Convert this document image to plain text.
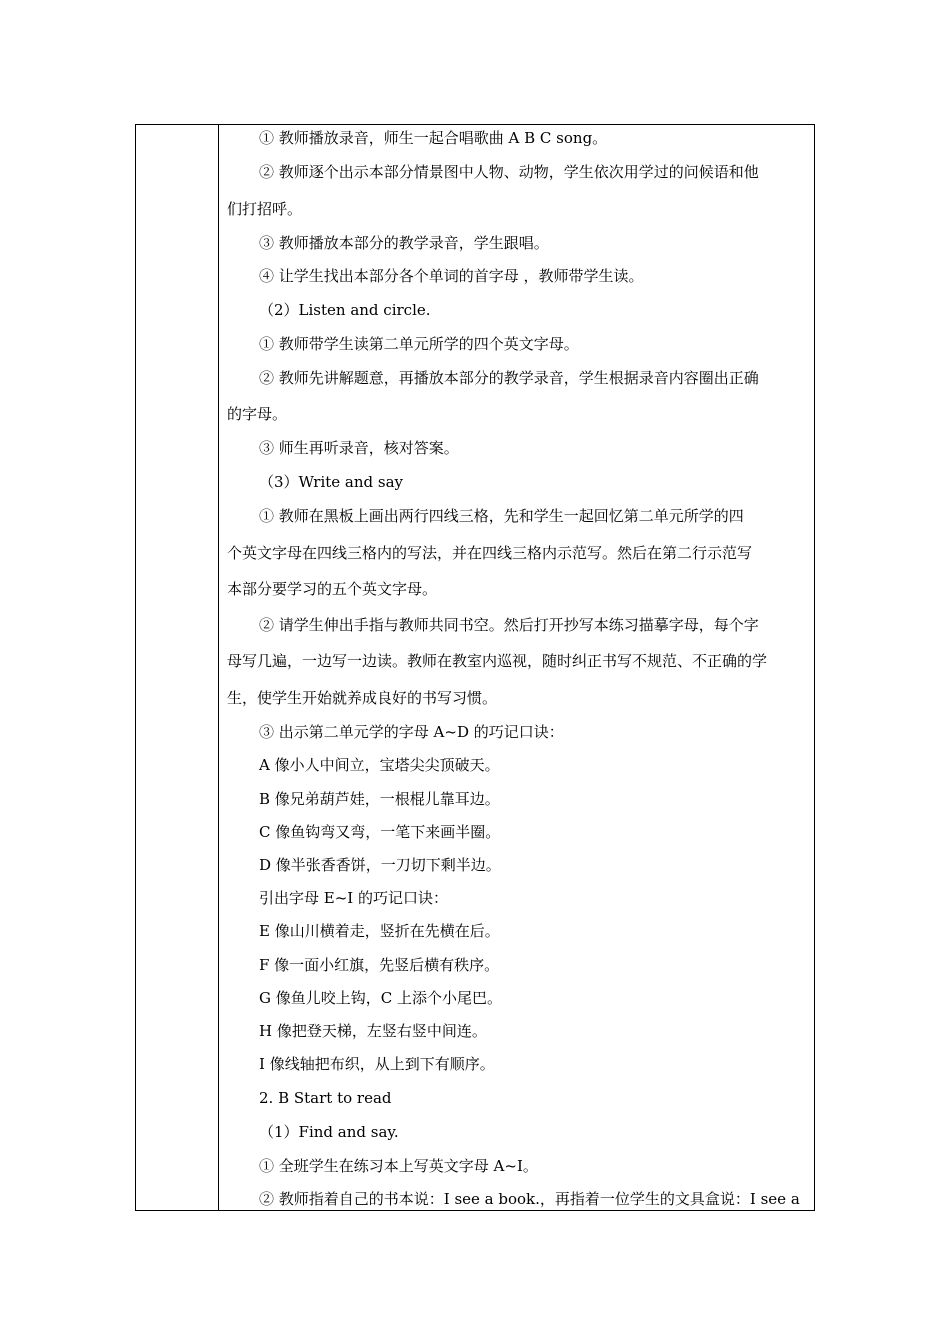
① 教师播放录音，师生一起合唱歌曲 A B C song。
② 教师逐个出示本部分情景图中人物、动物，学生依次用学过的问候语和他
们打招呼。
③ 教师播放本部分的教学录音，学生跟唱。
④ 让学生找出本部分各个单词的首字母 ，教师带学生读。
（2）Listen and circle.
① 教师带学生读第二单元所学的四个英文字母。
② 教师先讲解题意，再播放本部分的教学录音，学生根据录音内容圈出正确
的字母。
③ 师生再听录音，核对答案。
（3）Write and say
① 教师在黑板上画出两行四线三格，先和学生一起回忆第二单元所学的四
个英文字母在四线三格内的写法，并在四线三格内示范写。然后在第二行示范写
本部分要学习的五个英文字母。
② 请学生伸出手指与教师共同书空。然后打开抄写本练习描摹字母，每个字
母写几遍，一边写一边读。教师在教室内巡视，随时纠正书写不规范、不正确的学
生，使学生开始就养成良好的书写习惯。
③ 出示第二单元学的字母 A~D 的巧记口诀：
A 像小人中间立，宝塔尖尖顶破天。
B 像兄弟葫芦娃，一根棍儿靠耳边。
C 像鱼钩弯又弯，一笔下来画半圈。
D 像半张香香饼，一刀切下剩半边。
引出字母 E~I 的巧记口诀：
E 像山川横着走，竖折在先横在后。
F 像一面小红旗，先竖后横有秩序。
G 像鱼儿咬上钩，C 上添个小尾巴。
H 像把登天梯，左竖右竖中间连。
I 像线轴把布织，从上到下有顺序。
2. B Start to read
（1）Find and say.
① 全班学生在练习本上写英文字母 A~I。
② 教师指着自己的书本说：I see a book.，再指着一位学生的文具盒说：I see a
